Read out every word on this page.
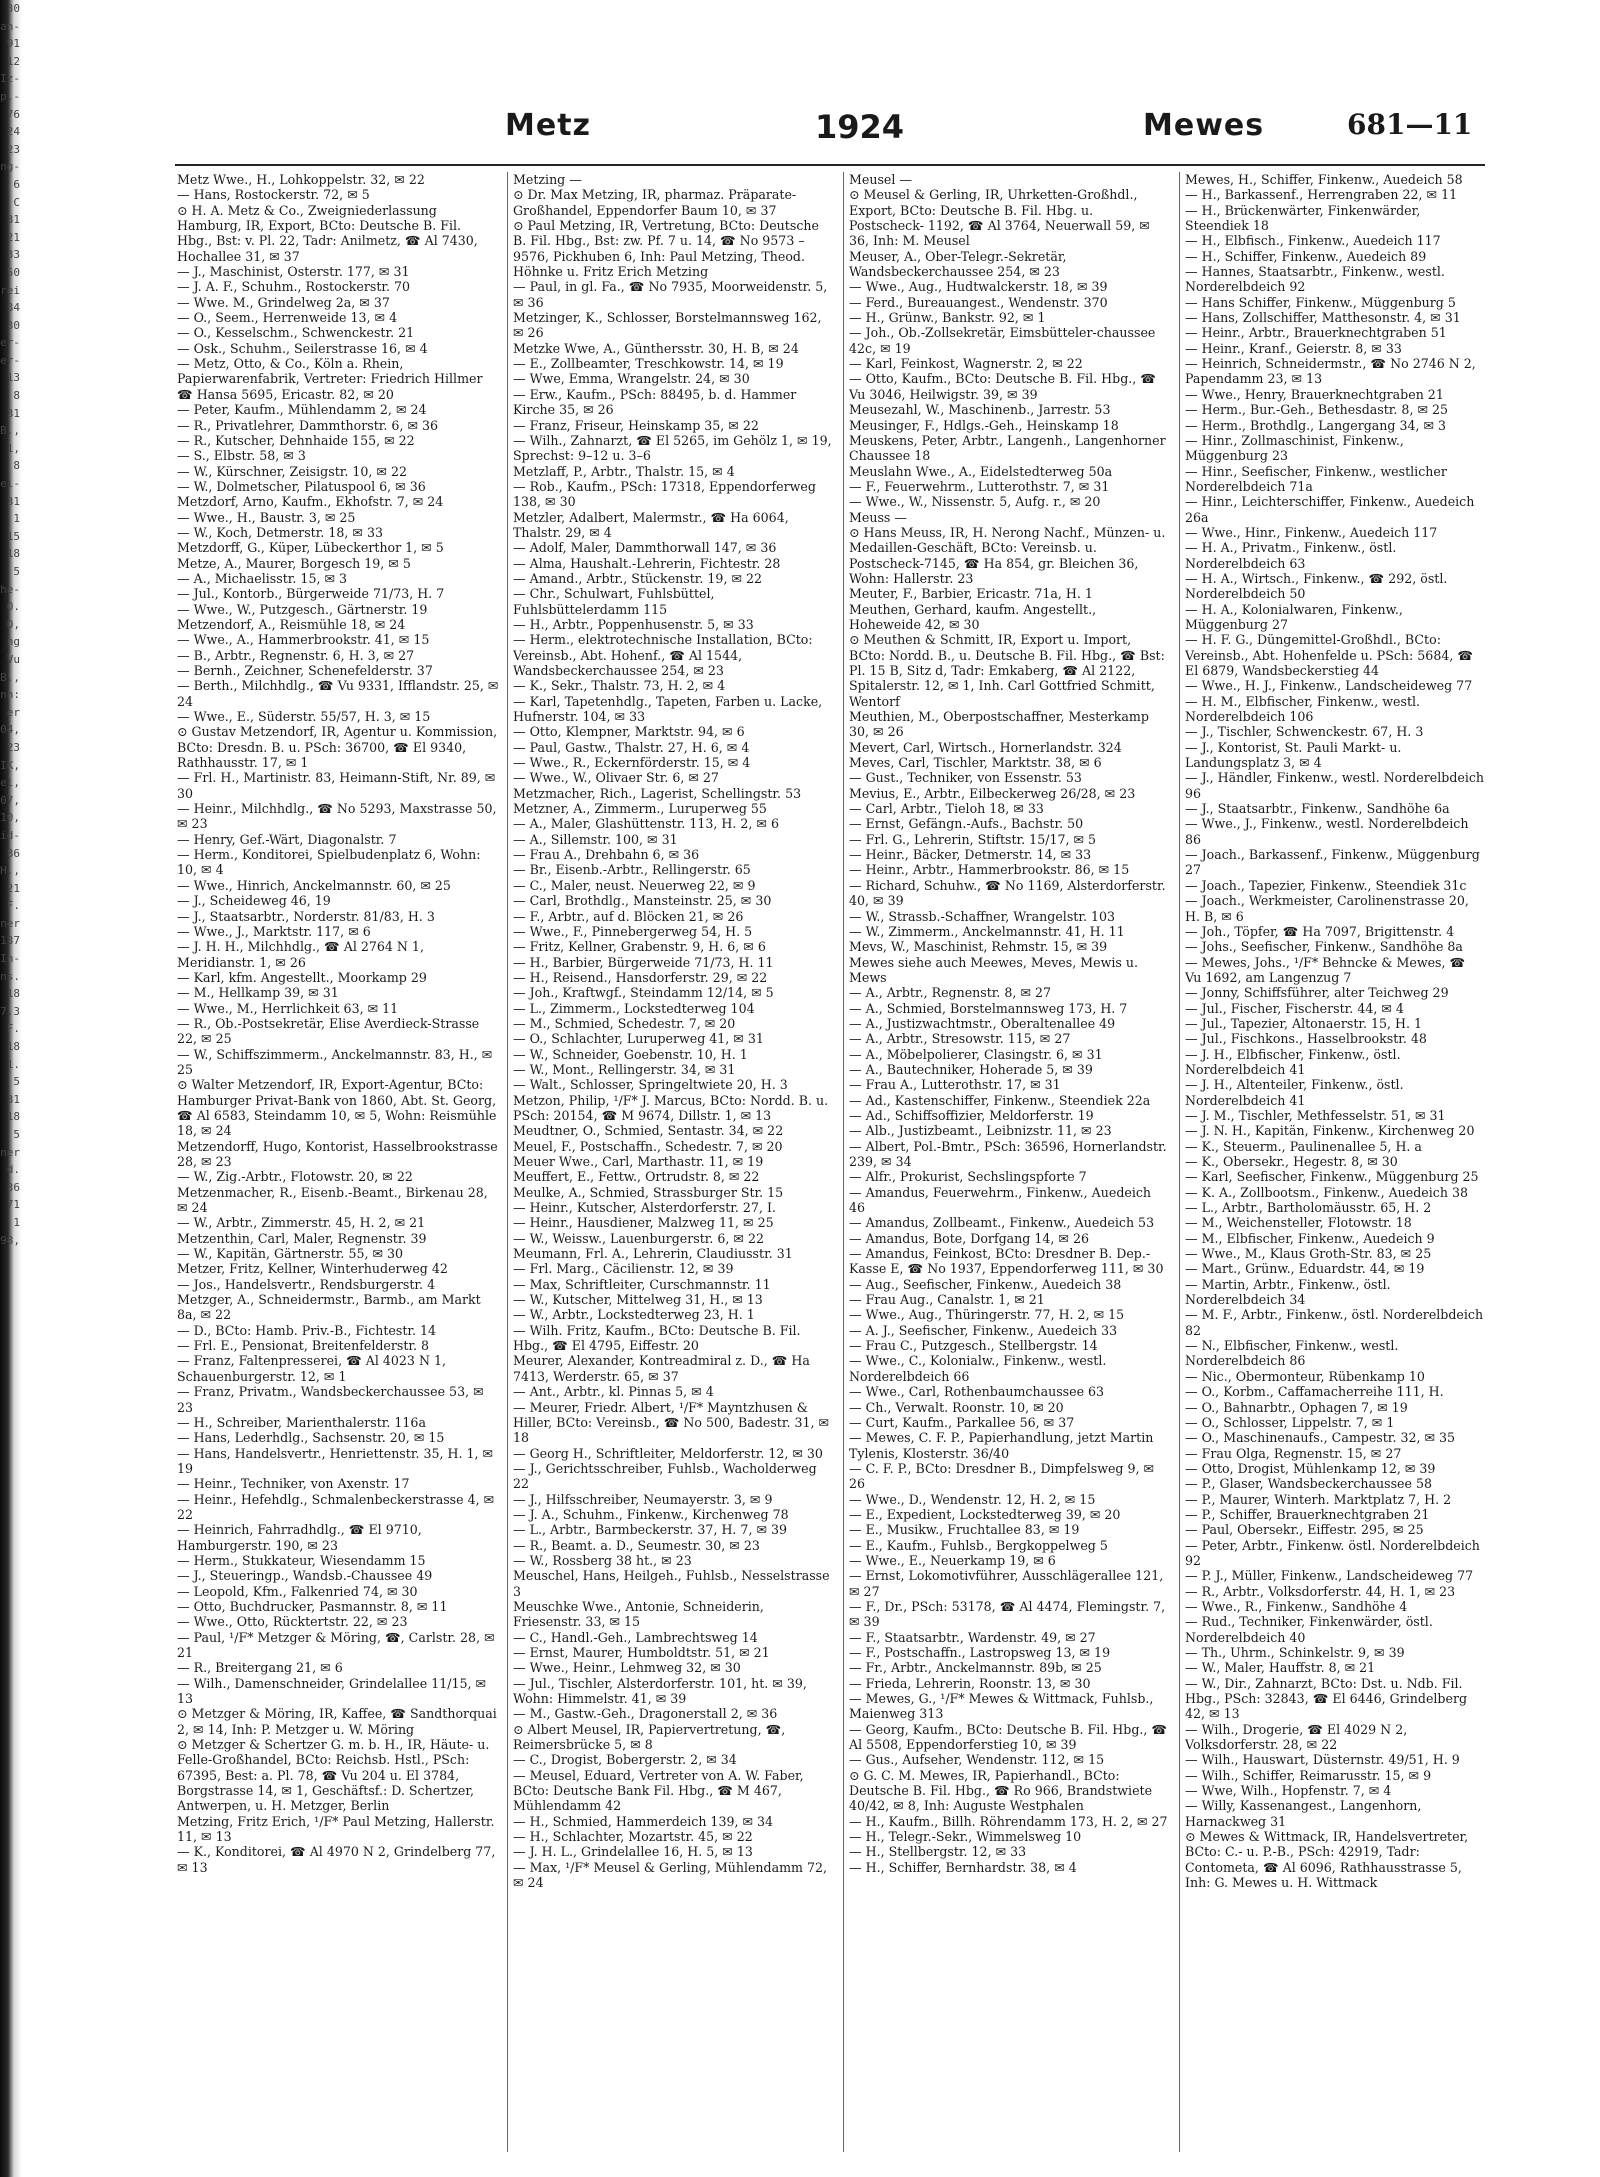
30
an-
91
12
Iz-
p.-
76
24
23
ng-
6
C
31
21
33
50
rei
34
30
er-
er-
13
8
31
B.,
1,
8
el-
31
1
15
18
5
he-
O.
O,
ng
Vu
B.,
nh:
er
04,
23
IK,
el,
07,
10,
id-
86
H.,
21
F.
ner
137
In-
ns.
18
7.3
F.
18
1.
5
31
18
5
ner
d.
36
71
1
98,
Metz	1924	Mewes	681—11

Metz Wwe., H., Lohkoppelstr. 32, ✉ 22

— Hans, Rostockerstr. 72, ✉ 5

⊙ H. A. Metz & Co., Zweigniederlassung Hamburg, IR, Export, BCto: Deutsche B. Fil. Hbg., Bst: v. Pl. 22, Tadr: Anilmetz, ☎ Al 7430, Hochallee 31, ✉ 37

— J., Maschinist, Osterstr. 177, ✉ 31

— J. A. F., Schuhm., Rostockerstr. 70

— Wwe. M., Grindelweg 2a, ✉ 37

— O., Seem., Herrenweide 13, ✉ 4

— O., Kesselschm., Schwenckestr. 21

— Osk., Schuhm., Seilerstrasse 16, ✉ 4

— Metz, Otto, & Co., Köln a. Rhein, Papierwarenfabrik, Vertreter: Friedrich Hillmer ☎ Hansa 5695, Ericastr. 82, ✉ 20

— Peter, Kaufm., Mühlendamm 2, ✉ 24

— R., Privatlehrer, Dammthorstr. 6, ✉ 36

— R., Kutscher, Dehnhaide 155, ✉ 22

— S., Elbstr. 58, ✉ 3

— W., Kürschner, Zeisigstr. 10, ✉ 22

— W., Dolmetscher, Pilatuspool 6, ✉ 36

Metzdorf, Arno, Kaufm., Ekhofstr. 7, ✉ 24

— Wwe., H., Baustr. 3, ✉ 25

— W., Koch, Detmerstr. 18, ✉ 33

Metzdorff, G., Küper, Lübeckerthor 1, ✉ 5

Metze, A., Maurer, Borgesch 19, ✉ 5

— A., Michaelisstr. 15, ✉ 3

— Jul., Kontorb., Bürgerweide 71/73, H. 7

— Wwe., W., Putzgesch., Gärtnerstr. 19

Metzendorf, A., Reismühle 18, ✉ 24

— Wwe., A., Hammerbrookstr. 41, ✉ 15

— B., Arbtr., Regnenstr. 6, H. 3, ✉ 27

— Bernh., Zeichner, Schenefelderstr. 37

— Berth., Milchhdlg., ☎ Vu 9331, Ifflandstr. 25, ✉ 24

— Wwe., E., Süderstr. 55/57, H. 3, ✉ 15

⊙ Gustav Metzendorf, IR, Agentur u. Kommission, BCto: Dresdn. B. u. PSch: 36700, ☎ El 9340, Rathhausstr. 17, ✉ 1

— Frl. H., Martinistr. 83, Heimann-Stift, Nr. 89, ✉ 30

— Heinr., Milchhdlg., ☎ No 5293, Maxstrasse 50, ✉ 23

— Henry, Gef.-Wärt, Diagonalstr. 7

— Herm., Konditorei, Spielbudenplatz 6, Wohn: 10, ✉ 4

— Wwe., Hinrich, Anckelmannstr. 60, ✉ 25

— J., Scheideweg 46, 19

— J., Staatsarbtr., Norderstr. 81/83, H. 3

— Wwe., J., Marktstr. 117, ✉ 6

— J. H. H., Milchhdlg., ☎ Al 2764 N 1, Meridianstr. 1, ✉ 26

— Karl, kfm. Angestellt., Moorkamp 29

— M., Hellkamp 39, ✉ 31

— Wwe., M., Herrlichkeit 63, ✉ 11

— R., Ob.-Postsekretär, Elise Averdieck-Strasse 22, ✉ 25

— W., Schiffszimmerm., Anckelmannstr. 83, H., ✉ 25

⊙ Walter Metzendorf, IR, Export-Agentur, BCto: Hamburger Privat-Bank von 1860, Abt. St. Georg, ☎ Al 6583, Steindamm 10, ✉ 5, Wohn: Reismühle 18, ✉ 24

Metzendorff, Hugo, Kontorist, Hasselbrookstrasse 28, ✉ 23

— W., Zig.-Arbtr., Flotowstr. 20, ✉ 22

Metzenmacher, R., Eisenb.-Beamt., Birkenau 28, ✉ 24

— W., Arbtr., Zimmerstr. 45, H. 2, ✉ 21

Metzenthin, Carl, Maler, Regnenstr. 39

— W., Kapitän, Gärtnerstr. 55, ✉ 30

Metzer, Fritz, Kellner, Winterhuderweg 42

— Jos., Handelsvertr., Rendsburgerstr. 4

Metzger, A., Schneidermstr., Barmb., am Markt 8a, ✉ 22

— D., BCto: Hamb. Priv.-B., Fichtestr. 14

— Frl. E., Pensionat, Breitenfelderstr. 8

— Franz, Faltenpresserei, ☎ Al 4023 N 1, Schauenburgerstr. 12, ✉ 1

— Franz, Privatm., Wandsbeckerchaussee 53, ✉ 23

— H., Schreiber, Marienthalerstr. 116a

— Hans, Lederhdlg., Sachsenstr. 20, ✉ 15

— Hans, Handelsvertr., Henriettenstr. 35, H. 1, ✉ 19

— Heinr., Techniker, von Axenstr. 17

— Heinr., Hefehdlg., Schmalenbeckerstrasse 4, ✉ 22

— Heinrich, Fahrradhdlg., ☎ El 9710, Hamburgerstr. 190, ✉ 23

— Herm., Stukkateur, Wiesendamm 15

— J., Steueringp., Wandsb.-Chaussee 49

— Leopold, Kfm., Falkenried 74, ✉ 30

— Otto, Buchdrucker, Pasmannstr. 8, ✉ 11

— Wwe., Otto, Rücktertstr. 22, ✉ 23

— Paul, ¹/F* Metzger & Möring, ☎, Carlstr. 28, ✉ 21

— R., Breitergang 21, ✉ 6

— Wilh., Damenschneider, Grindelallee 11/15, ✉ 13

⊙ Metzger & Möring, IR, Kaffee, ☎ Sandthorquai 2, ✉ 14, Inh: P. Metzger u. W. Möring

⊙ Metzger & Schertzer G. m. b. H., IR, Häute- u. Felle-Großhandel, BCto: Reichsb. Hstl., PSch: 67395, Best: a. Pl. 78, ☎ Vu 204 u. El 3784, Borgstrasse 14, ✉ 1, Geschäftsf.: D. Schertzer, Antwerpen, u. H. Metzger, Berlin

Metzing, Fritz Erich, ¹/F* Paul Metzing, Hallerstr. 11, ✉ 13

— K., Konditorei, ☎ Al 4970 N 2, Grindelberg 77, ✉ 13

Metzing —

⊙ Dr. Max Metzing, IR, pharmaz. Präparate-Großhandel, Eppendorfer Baum 10, ✉ 37

⊙ Paul Metzing, IR, Vertretung, BCto: Deutsche B. Fil. Hbg., Bst: zw. Pf. 7 u. 14, ☎ No 9573 –9576, Pickhuben 6, Inh: Paul Metzing, Theod. Höhnke u. Fritz Erich Metzing

— Paul, in gl. Fa., ☎ No 7935, Moorweidenstr. 5, ✉ 36

Metzinger, K., Schlosser, Borstelmannsweg 162, ✉ 26

Metzke Wwe, A., Günthersstr. 30, H. B, ✉ 24

— E., Zollbeamter, Treschkowstr. 14, ✉ 19

— Wwe, Emma, Wrangelstr. 24, ✉ 30

— Erw., Kaufm., PSch: 88495, b. d. Hammer Kirche 35, ✉ 26

— Franz, Friseur, Heinskamp 35, ✉ 22

— Wilh., Zahnarzt, ☎ El 5265, im Gehölz 1, ✉ 19, Sprechst: 9–12 u. 3–6

Metzlaff, P., Arbtr., Thalstr. 15, ✉ 4

— Rob., Kaufm., PSch: 17318, Eppendorferweg 138, ✉ 30

Metzler, Adalbert, Malermstr., ☎ Ha 6064, Thalstr. 29, ✉ 4

— Adolf, Maler, Dammthorwall 147, ✉ 36

— Alma, Haushalt.-Lehrerin, Fichtestr. 28

— Amand., Arbtr., Stückenstr. 19, ✉ 22

— Chr., Schulwart, Fuhlsbüttel, Fuhlsbüttelerdamm 115

— H., Arbtr., Poppenhusenstr. 5, ✉ 33

— Herm., elektrotechnische Installation, BCto: Vereinsb., Abt. Hohenf., ☎ Al 1544, Wandsbeckerchaussee 254, ✉ 23

— K., Sekr., Thalstr. 73, H. 2, ✉ 4

— Karl, Tapetenhdlg., Tapeten, Farben u. Lacke, Hufnerstr. 104, ✉ 33

— Otto, Klempner, Marktstr. 94, ✉ 6

— Paul, Gastw., Thalstr. 27, H. 6, ✉ 4

— Wwe., R., Eckernförderstr. 15, ✉ 4

— Wwe., W., Olivaer Str. 6, ✉ 27

Metzmacher, Rich., Lagerist, Schellingstr. 53

Metzner, A., Zimmerm., Luruperweg 55

— A., Maler, Glashüttenstr. 113, H. 2, ✉ 6

— A., Sillemstr. 100, ✉ 31

— Frau A., Drehbahn 6, ✉ 36

— Br., Eisenb.-Arbtr., Rellingerstr. 65

— C., Maler, neust. Neuerweg 22, ✉ 9

— Carl, Brothdlg., Mansteinstr. 25, ✉ 30

— F., Arbtr., auf d. Blöcken 21, ✉ 26

— Wwe., F., Pinnebergerweg 54, H. 5

— Fritz, Kellner, Grabenstr. 9, H. 6, ✉ 6

— H., Barbier, Bürgerweide 71/73, H. 11

— H., Reisend., Hansdorferstr. 29, ✉ 22

— Joh., Kraftwgf., Steindamm 12/14, ✉ 5

— L., Zimmerm., Lockstedterweg 104

— M., Schmied, Schedestr. 7, ✉ 20

— O., Schlachter, Luruperweg 41, ✉ 31

— W., Schneider, Goebenstr. 10, H. 1

— W., Mont., Rellingerstr. 34, ✉ 31

— Walt., Schlosser, Springeltwiete 20, H. 3

Metzon, Philip, ¹/F* J. Marcus, BCto: Nordd. B. u. PSch: 20154, ☎ M 9674, Dillstr. 1, ✉ 13

Meudtner, O., Schmied, Sentastr. 34, ✉ 22

Meuel, F., Postschaffn., Schedestr. 7, ✉ 20

Meuer Wwe., Carl, Marthastr. 11, ✉ 19

Meuffert, E., Fettw., Ortrudstr. 8, ✉ 22

Meulke, A., Schmied, Strassburger Str. 15

— Heinr., Kutscher, Alsterdorferstr. 27, I.

— Heinr., Hausdiener, Malzweg 11, ✉ 25

— W., Weissw., Lauenburgerstr. 6, ✉ 22

Meumann, Frl. A., Lehrerin, Claudiusstr. 31

— Frl. Marg., Cäcilienstr. 12, ✉ 39

— Max, Schriftleiter, Curschmannstr. 11

— W., Kutscher, Mittelweg 31, H., ✉ 13

— W., Arbtr., Lockstedterweg 23, H. 1

— Wilh. Fritz, Kaufm., BCto: Deutsche B. Fil. Hbg., ☎ El 4795, Eiffestr. 20

Meurer, Alexander, Kontreadmiral z. D., ☎ Ha 7413, Werderstr. 65, ✉ 37

— Ant., Arbtr., kl. Pinnas 5, ✉ 4

— Meurer, Friedr. Albert, ¹/F* Mayntzhusen & Hiller, BCto: Vereinsb., ☎ No 500, Badestr. 31, ✉ 18

— Georg H., Schriftleiter, Meldorferstr. 12, ✉ 30

— J., Gerichtsschreiber, Fuhlsb., Wacholderweg 22

— J., Hilfsschreiber, Neumayerstr. 3, ✉ 9

— J. A., Schuhm., Finkenw., Kirchenweg 78

— L., Arbtr., Barmbeckerstr. 37, H. 7, ✉ 39

— R., Beamt. a. D., Seumestr. 30, ✉ 23

— W., Rossberg 38 ht., ✉ 23

Meuschel, Hans, Heilgeh., Fuhlsb., Nesselstrasse 3

Meuschke Wwe., Antonie, Schneiderin, Friesenstr. 33, ✉ 15

— C., Handl.-Geh., Lambrechtsweg 14

— Ernst, Maurer, Humboldtstr. 51, ✉ 21

— Wwe., Heinr., Lehmweg 32, ✉ 30

— Jul., Tischler, Alsterdorferstr. 101, ht. ✉ 39, Wohn: Himmelstr. 41, ✉ 39

— M., Gastw.-Geh., Dragonerstall 2, ✉ 36

⊙ Albert Meusel, IR, Papiervertretung, ☎, Reimersbrücke 5, ✉ 8

— C., Drogist, Bobergerstr. 2, ✉ 34

— Meusel, Eduard, Vertreter von A. W. Faber, BCto: Deutsche Bank Fil. Hbg., ☎ M 467, Mühlendamm 42

— H., Schmied, Hammerdeich 139, ✉ 34

— H., Schlachter, Mozartstr. 45, ✉ 22

— J. H. L., Grindelallee 16, H. 5, ✉ 13

— Max, ¹/F* Meusel & Gerling, Mühlendamm 72, ✉ 24

Meusel —

⊙ Meusel & Gerling, IR, Uhrketten-Großhdl., Export, BCto: Deutsche B. Fil. Hbg. u. Postscheck- 1192, ☎ Al 3764, Neuerwall 59, ✉ 36, Inh: M. Meusel

Meuser, A., Ober-Telegr.-Sekretär, Wandsbeckerchaussee 254, ✉ 23

— Wwe., Aug., Hudtwalckerstr. 18, ✉ 39

— Ferd., Bureauangest., Wendenstr. 370

— H., Grünw., Bankstr. 92, ✉ 1

— Joh., Ob.-Zollsekretär, Eimsbütteler-chaussee 42c, ✉ 19

— Karl, Feinkost, Wagnerstr. 2, ✉ 22

— Otto, Kaufm., BCto: Deutsche B. Fil. Hbg., ☎ Vu 3046, Heilwigstr. 39, ✉ 39

Meusezahl, W., Maschinenb., Jarrestr. 53

Meusinger, F., Hdlgs.-Geh., Heinskamp 18

Meuskens, Peter, Arbtr., Langenh., Langenhorner Chaussee 18

Meuslahn Wwe., A., Eidelstedterweg 50a

— F., Feuerwehrm., Lutterothstr. 7, ✉ 31

— Wwe., W., Nissenstr. 5, Aufg. r., ✉ 20

Meuss —

⊙ Hans Meuss, IR, H. Nerong Nachf., Münzen- u. Medaillen-Geschäft, BCto: Vereinsb. u. Postscheck-7145, ☎ Ha 854, gr. Bleichen 36, Wohn: Hallerstr. 23

Meuter, F., Barbier, Ericastr. 71a, H. 1

Meuthen, Gerhard, kaufm. Angestellt., Hoheweide 42, ✉ 30

⊙ Meuthen & Schmitt, IR, Export u. Import, BCto: Nordd. B., u. Deutsche B. Fil. Hbg., ☎ Bst: Pl. 15 B, Sitz d, Tadr: Emkaberg, ☎ Al 2122, Spitalerstr. 12, ✉ 1, Inh. Carl Gottfried Schmitt, Wentorf

Meuthien, M., Oberpostschaffner, Mesterkamp 30, ✉ 26

Mevert, Carl, Wirtsch., Hornerlandstr. 324

Meves, Carl, Tischler, Marktstr. 38, ✉ 6

— Gust., Techniker, von Essenstr. 53

Mevius, E., Arbtr., Eilbeckerweg 26/28, ✉ 23

— Carl, Arbtr., Tieloh 18, ✉ 33

— Ernst, Gefängn.-Aufs., Bachstr. 50

— Frl. G., Lehrerin, Stiftstr. 15/17, ✉ 5

— Heinr., Bäcker, Detmerstr. 14, ✉ 33

— Heinr., Arbtr., Hammerbrookstr. 86, ✉ 15

— Richard, Schuhw., ☎ No 1169, Alsterdorferstr. 40, ✉ 39

— W., Strassb.-Schaffner, Wrangelstr. 103

— W., Zimmerm., Anckelmannstr. 41, H. 11

Mevs, W., Maschinist, Rehmstr. 15, ✉ 39

Mewes siehe auch Meewes, Meves, Mewis u. Mews

— A., Arbtr., Regnenstr. 8, ✉ 27

— A., Schmied, Borstelmannsweg 173, H. 7

— A., Justizwachtmstr., Oberaltenallee 49

— A., Arbtr., Stresowstr. 115, ✉ 27

— A., Möbelpolierer, Clasingstr. 6, ✉ 31

— A., Bautechniker, Hoherade 5, ✉ 39

— Frau A., Lutterothstr. 17, ✉ 31

— Ad., Kastenschiffer, Finkenw., Steendiek 22a

— Ad., Schiffsoffizier, Meldorferstr. 19

— Alb., Justizbeamt., Leibnizstr. 11, ✉ 23

— Albert, Pol.-Bmtr., PSch: 36596, Hornerlandstr. 239, ✉ 34

— Alfr., Prokurist, Sechslingspforte 7

— Amandus, Feuerwehrm., Finkenw., Auedeich 46

— Amandus, Zollbeamt., Finkenw., Auedeich 53

— Amandus, Bote, Dorfgang 14, ✉ 26

— Amandus, Feinkost, BCto: Dresdner B. Dep.-Kasse E, ☎ No 1937, Eppendorferweg 111, ✉ 30

— Aug., Seefischer, Finkenw., Auedeich 38

— Frau Aug., Canalstr. 1, ✉ 21

— Wwe., Aug., Thüringerstr. 77, H. 2, ✉ 15

— A. J., Seefischer, Finkenw., Auedeich 33

— Frau C., Putzgesch., Stellbergstr. 14

— Wwe., C., Kolonialw., Finkenw., westl. Norderelbdeich 66

— Wwe., Carl, Rothenbaumchaussee 63

— Ch., Verwalt. Roonstr. 10, ✉ 20

— Curt, Kaufm., Parkallee 56, ✉ 37

— Mewes, C. F. P., Papierhandlung, jetzt Martin Tylenis, Klosterstr. 36/40

— C. F. P., BCto: Dresdner B., Dimpfelsweg 9, ✉ 26

— Wwe., D., Wendenstr. 12, H. 2, ✉ 15

— E., Expedient, Lockstedterweg 39, ✉ 20

— E., Musikw., Fruchtallee 83, ✉ 19

— E., Kaufm., Fuhlsb., Bergkoppelweg 5

— Wwe., E., Neuerkamp 19, ✉ 6

— Ernst, Lokomotivführer, Ausschlägerallee 121, ✉ 27

— F., Dr., PSch: 53178, ☎ Al 4474, Flemingstr. 7, ✉ 39

— F., Staatsarbtr., Wardenstr. 49, ✉ 27

— F., Postschaffn., Lastropsweg 13, ✉ 19

— Fr., Arbtr., Anckelmannstr. 89b, ✉ 25

— Frieda, Lehrerin, Roonstr. 13, ✉ 30

— Mewes, G., ¹/F* Mewes & Wittmack, Fuhlsb., Maienweg 313

— Georg, Kaufm., BCto: Deutsche B. Fil. Hbg., ☎ Al 5508, Eppendorferstieg 10, ✉ 39

— Gus., Aufseher, Wendenstr. 112, ✉ 15

⊙ G. C. M. Mewes, IR, Papierhandl., BCto: Deutsche B. Fil. Hbg., ☎ Ro 966, Brandstwiete 40/42, ✉ 8, Inh: Auguste Westphalen

— H., Kaufm., Billh. Röhrendamm 173, H. 2, ✉ 27

— H., Telegr.-Sekr., Wimmelsweg 10

— H., Stellbergstr. 12, ✉ 33

— H., Schiffer, Bernhardstr. 38, ✉ 4

Mewes, H., Schiffer, Finkenw., Auedeich 58

— H., Barkassenf., Herrengraben 22, ✉ 11

— H., Brückenwärter, Finkenwärder, Steendiek 18

— H., Elbfisch., Finkenw., Auedeich 117

— H., Schiffer, Finkenw., Auedeich 89

— Hannes, Staatsarbtr., Finkenw., westl. Norderelbdeich 92

— Hans Schiffer, Finkenw., Müggenburg 5

— Hans, Zollschiffer, Matthesonstr. 4, ✉ 31

— Heinr., Arbtr., Brauerknechtgraben 51

— Heinr., Kranf., Geierstr. 8, ✉ 33

— Heinrich, Schneidermstr., ☎ No 2746 N 2, Papendamm 23, ✉ 13

— Wwe., Henry, Brauerknechtgraben 21

— Herm., Bur.-Geh., Bethesdastr. 8, ✉ 25

— Herm., Brothdlg., Langergang 34, ✉ 3

— Hinr., Zollmaschinist, Finkenw., Müggenburg 23

— Hinr., Seefischer, Finkenw., westlicher Norderelbdeich 71a

— Hinr., Leichterschiffer, Finkenw., Auedeich 26a

— Wwe., Hinr., Finkenw., Auedeich 117

— H. A., Privatm., Finkenw., östl. Norderelbdeich 63

— H. A., Wirtsch., Finkenw., ☎ 292, östl. Norderelbdeich 50

— H. A., Kolonialwaren, Finkenw., Müggenburg 27

— H. F. G., Düngemittel-Großhdl., BCto: Vereinsb., Abt. Hohenfelde u. PSch: 5684, ☎ El 6879, Wandsbeckerstieg 44

— Wwe., H. J., Finkenw., Landscheideweg 77

— H. M., Elbfischer, Finkenw., westl. Norderelbdeich 106

— J., Tischler, Schwenckestr. 67, H. 3

— J., Kontorist, St. Pauli Markt- u. Landungsplatz 3, ✉ 4

— J., Händler, Finkenw., westl. Norderelbdeich 96

— J., Staatsarbtr., Finkenw., Sandhöhe 6a

— Wwe., J., Finkenw., westl. Norderelbdeich 86

— Joach., Barkassenf., Finkenw., Müggenburg 27

— Joach., Tapezier, Finkenw., Steendiek 31c

— Joach., Werkmeister, Carolinenstrasse 20, H. B, ✉ 6

— Joh., Töpfer, ☎ Ha 7097, Brigittenstr. 4

— Johs., Seefischer, Finkenw., Sandhöhe 8a

— Mewes, Johs., ¹/F* Behncke & Mewes, ☎ Vu 1692, am Langenzug 7

— Jonny, Schiffsführer, alter Teichweg 29

— Jul., Fischer, Fischerstr. 44, ✉ 4

— Jul., Tapezier, Altonaerstr. 15, H. 1

— Jul., Fischkons., Hasselbrookstr. 48

— J. H., Elbfischer, Finkenw., östl. Norderelbdeich 41

— J. H., Altenteiler, Finkenw., östl. Norderelbdeich 41

— J. M., Tischler, Methfesselstr. 51, ✉ 31

— J. N. H., Kapitän, Finkenw., Kirchenweg 20

— K., Steuerm., Paulinenallee 5, H. a

— K., Obersekr., Hegestr. 8, ✉ 30

— Karl, Seefischer, Finkenw., Müggenburg 25

— K. A., Zollbootsm., Finkenw., Auedeich 38

— L., Arbtr., Bartholomäusstr. 65, H. 2

— M., Weichensteller, Flotowstr. 18

— M., Elbfischer, Finkenw., Auedeich 9

— Wwe., M., Klaus Groth-Str. 83, ✉ 25

— Mart., Grünw., Eduardstr. 44, ✉ 19

— Martin, Arbtr., Finkenw., östl. Norderelbdeich 34

— M. F., Arbtr., Finkenw., östl. Norderelbdeich 82

— N., Elbfischer, Finkenw., westl. Norderelbdeich 86

— Nic., Obermonteur, Rübenkamp 10

— O., Korbm., Caffamacherreihe 111, H.

— O., Bahnarbtr., Ophagen 7, ✉ 19

— O., Schlosser, Lippelstr. 7, ✉ 1

— O., Maschinenaufs., Campestr. 32, ✉ 35

— Frau Olga, Regnenstr. 15, ✉ 27

— Otto, Drogist, Mühlenkamp 12, ✉ 39

— P., Glaser, Wandsbeckerchaussee 58

— P., Maurer, Winterh. Marktplatz 7, H. 2

— P., Schiffer, Brauerknechtgraben 21

— Paul, Obersekr., Eiffestr. 295, ✉ 25

— Peter, Arbtr., Finkenw. östl. Norderelbdeich 92

— P. J., Müller, Finkenw., Landscheideweg 77

— R., Arbtr., Volksdorferstr. 44, H. 1, ✉ 23

— Wwe., R., Finkenw., Sandhöhe 4

— Rud., Techniker, Finkenwärder, östl. Norderelbdeich 40

— Th., Uhrm., Schinkelstr. 9, ✉ 39

— W., Maler, Hauffstr. 8, ✉ 21

— W., Dir., Zahnarzt, BCto: Dst. u. Ndb. Fil. Hbg., PSch: 32843, ☎ El 6446, Grindelberg 42, ✉ 13

— Wilh., Drogerie, ☎ El 4029 N 2, Volksdorferstr. 28, ✉ 22

— Wilh., Hauswart, Düsternstr. 49/51, H. 9

— Wilh., Schiffer, Reimarusstr. 15, ✉ 9

— Wwe, Wilh., Hopfenstr. 7, ✉ 4

— Willy, Kassenangest., Langenhorn, Harnackweg 31

⊙ Mewes & Wittmack, IR, Handelsvertreter, BCto: C.- u. P.-B., PSch: 42919, Tadr: Contometa, ☎ Al 6096, Rathhausstrasse 5, Inh: G. Mewes u. H. Wittmack
